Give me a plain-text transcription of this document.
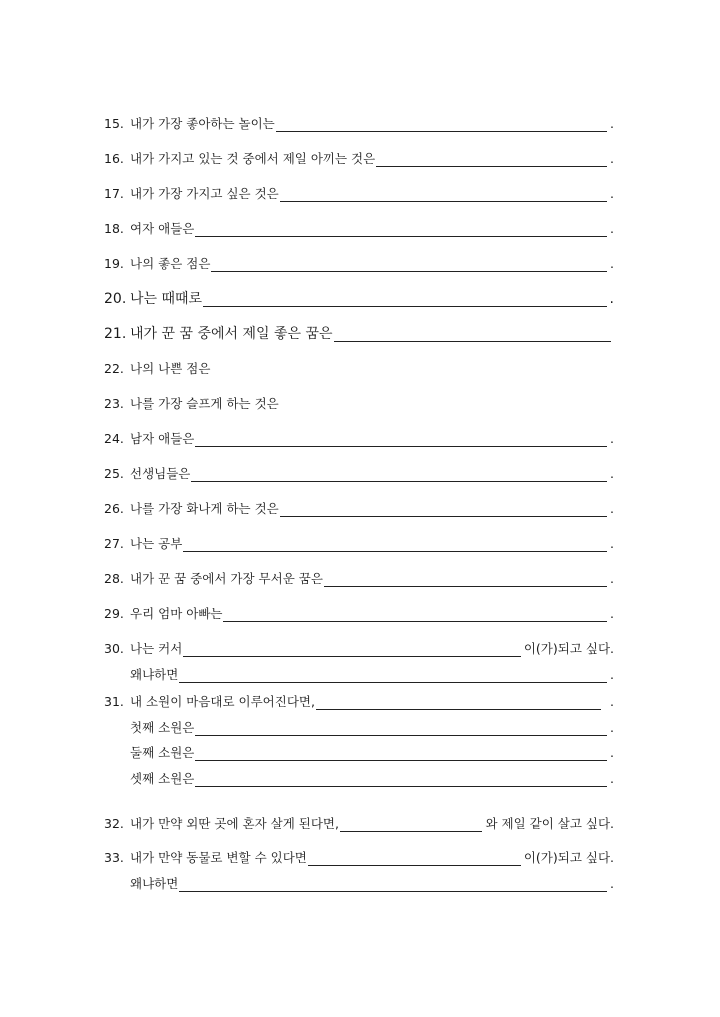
15. 내가 가장 좋아하는 놀이는	.
16. 내가 가지고 있는 것 중에서 제일 아끼는 것은	.
17. 내가 가장 가지고 싶은 것은	.
18. 여자 애들은	.
19. 나의 좋은 점은	.
20. 나는 때때로	.
21. 내가 꾼 꿈 중에서 제일 좋은 꿈은
22. 나의 나쁜 점은
23. 나를 가장 슬프게 하는 것은
24. 남자 애들은	.
25. 선생님들은	.
26. 나를 가장 화나게 하는 것은	.
27. 나는 공부	.
28. 내가 꾼 꿈 중에서 가장 무서운 꿈은	.
29. 우리 엄마 아빠는	.
30. 나는 커서	이(가)되고 싶다.
왜냐하면	.
31. 내 소원이 마음대로 이루어진다면,	.
첫째 소원은	.
둘째 소원은	.
셋째 소원은	.
32. 내가 만약 외딴 곳에 혼자 살게 된다면,	와 제일 같이 살고 싶다.
33. 내가 만약 동물로 변할 수 있다면	이(가)되고 싶다.
왜냐하면	.
